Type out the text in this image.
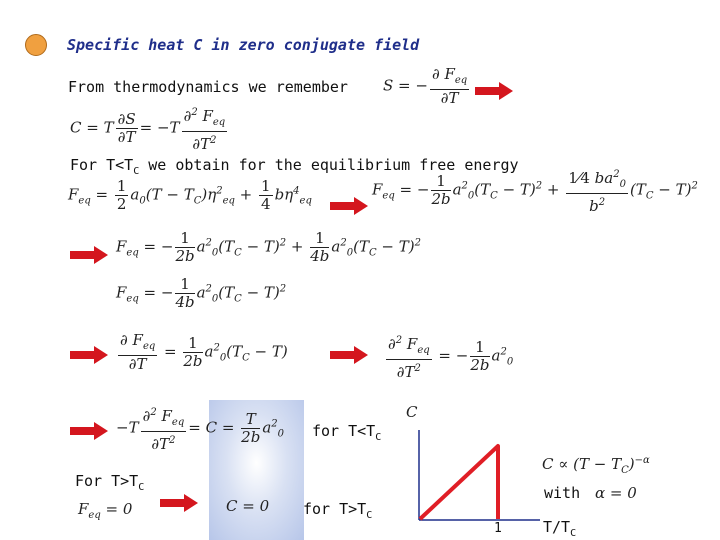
Specific heat C in zero conjugate field
From thermodynamics we remember S = − $\frac{\partial F_{eq}}{\partial T}$
C = T $\frac{\partial S}{\partial T} = -T \frac{\partial^2 F_{eq}}{\partial T^2}$
For $T<T_C$ we obtain for the equilibrium free energy
$F_{eq} = \frac{1}{2} a_0(T - T_C)\eta^2_{eq} + \frac{1}{4} b\eta^4_{eq}$
$F_{eq}$ = − $\frac{1}{2b} a^2_0(T_C - T)^2 + \frac{1⁄4 ba^2_0}{b^2} (T_C - T)^2$
$F_{eq}$ = − $\frac{1}{2b} a^2_0(T_C - T)^2 + \frac{1}{4b} a^2_0(T_C - T)^2$
$F_{eq}$ = − $\frac{1}{4b} a^2_0(T_C - T)^2$
$\frac{\partial F_{eq}}{\partial T} = \frac{1}{2b} a^2_0(T_C - T)$	$\frac{\partial^2 F_{eq}}{\partial T^2}$ = − $\frac{1}{2b} a^2_0$
$-T \frac{\partial^2 F_{eq}}{\partial T^2} = C = \frac{T}{2b} a^2_0$ for $T<T_C$
For $T>T_C$
$F_{eq} = 0$	C = 0 for $T>T_C$
C
1	$T/T_C$
$C \propto (T - T_C)^{-\alpha}$
with α = 0
